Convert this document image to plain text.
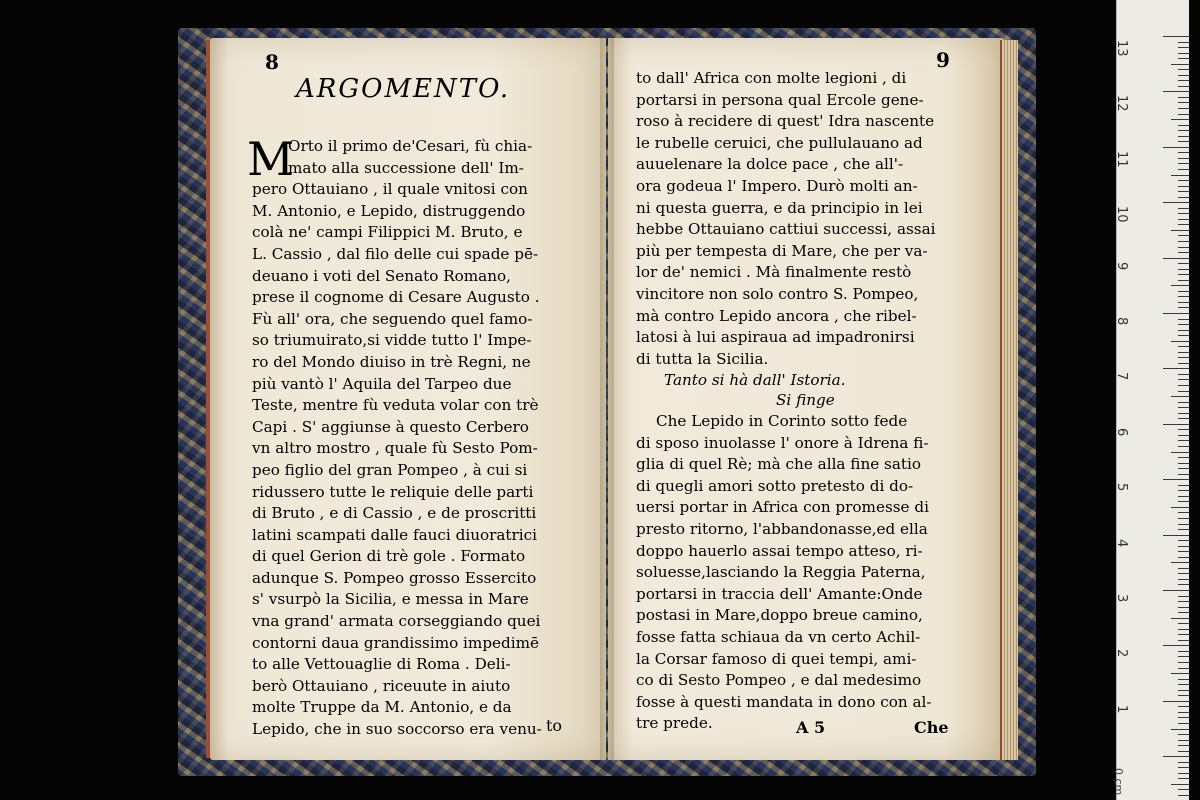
8
ARGOMENTO.
M
Orto il primo de'Cesari, fù chia-
mato alla successione dell' Im-
pero Ottauiano , il quale vnitosi con
M. Antonio, e Lepido, distruggendo
colà ne' campi Filippici M. Bruto, e
L. Cassio , dal filo delle cui spade pē-
deuano i voti del Senato Romano,
prese il cognome di Cesare Augusto .
Fù all' ora, che seguendo quel famo-
so triumuirato,si vidde tutto l' Impe-
ro del Mondo diuiso in trè Regni, ne
più vantò l' Aquila del Tarpeo due
Teste, mentre fù veduta volar con trè
Capi . S' aggiunse à questo Cerbero
vn altro mostro , quale fù Sesto Pom-
peo figlio del gran Pompeo , à cui si
ridussero tutte le reliquie delle parti
di Bruto , e di Cassio , e de proscritti
latini scampati dalle fauci diuoratrici
di quel Gerion di trè gole . Formato
adunque S. Pompeo grosso Essercito
s' vsurpò la Sicilia, e messa in Mare
vna grand' armata corseggiando quei
contorni daua grandissimo impedimē
to alle Vettouaglie di Roma . Deli-
berò Ottauiano , riceuute in aiuto
molte Truppe da M. Antonio, e da
Lepido, che in suo soccorso era venu- to
9
to dall' Africa con molte legioni , di
portarsi in persona qual Ercole gene-
roso à recidere di quest' Idra nascente
le rubelle ceruici, che pullulauano ad
auuelenare la dolce pace , che all'-
ora godeua l' Impero. Durò molti an-
ni questa guerra, e da principio in lei
hebbe Ottauiano cattiui successi, assai
più per tempesta di Mare, che per va-
lor de' nemici . Mà finalmente restò
vincitore non solo contro S. Pompeo,
mà contro Lepido ancora , che ribel-
latosi à lui aspiraua ad impadronirsi
di tutta la Sicilia.
Tanto si hà dall' Istoria.
Si finge
Che Lepido in Corinto sotto fede
di sposo inuolasse l' onore à Idrena fi-
glia di quel Rè; mà che alla fine satio
di quegli amori sotto pretesto di do-
uersi portar in Africa con promesse di
presto ritorno, l'abbandonasse,ed ella
doppo hauerlo assai tempo atteso, ri-
soluesse,lasciando la Reggia Paterna,
portarsi in traccia dell' Amante:Onde
postasi in Mare,doppo breue camino,
fosse fatta schiaua da vn certo Achil-
la Corsar famoso di quei tempi, ami-
co di Sesto Pompeo , e dal medesimo
fosse à questi mandata in dono con al-
tre prede.	A 5	Che
0 cm
13
12
11
10
9
8
7
6
5
4
3
2
1
